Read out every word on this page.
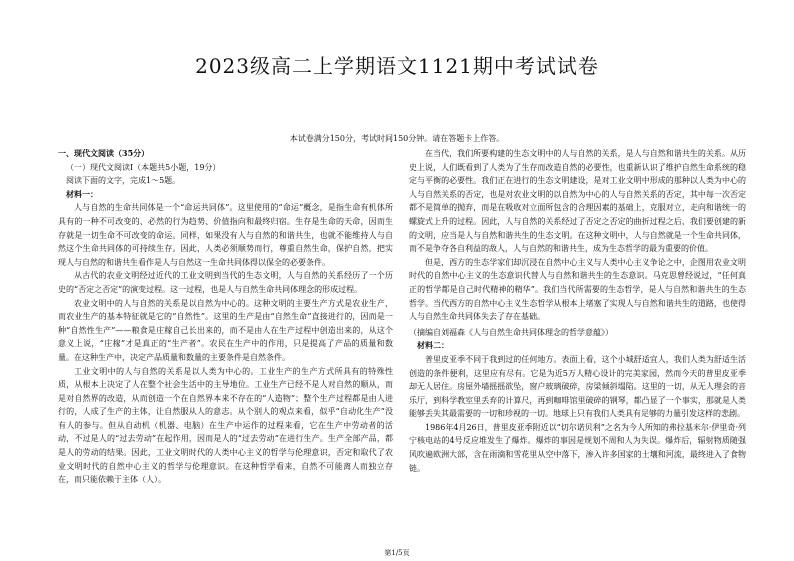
2023级高二上学期语文1121期中考试试卷
本试卷满分150分，考试时间150分钟。请在答题卡上作答。

一、现代文阅读（35分）

（一）现代文阅读Ⅰ（本题共5小题，19分）

阅读下面的文字，完成1～5题。

材料一：

人与自然的生命共同体是一个“命运共同体”。这里使用的“命运”概念，是指生命有机体所具有的一种不可改变的、必然的行为趋势、价值指向和最终归宿。生存是生命的天命，因而生存就是一切生命不可改变的命运。同样，如果没有人与自然的和谐共生，也就不能维持人与自然这个生命共同体的可持续生存。因此，人类必须顺势而行，尊重自然生命，保护自然，把实现人与自然的和谐共生看作是人与自然这一生命共同体得以保全的必要条件。

从古代的农业文明经过近代的工业文明到当代的生态文明，人与自然的关系经历了一个历史的“否定之否定”的演变过程。这一过程，也是人与自然生命共同体理念的形成过程。

农业文明中的人与自然的关系是以自然为中心的。这种文明的主要生产方式是农业生产，而农业生产的基本特征就是它的“自然性”。这里的生产是由“自然生命”直接进行的，因而是一种“自然性生产”——粮食是庄稼自己长出来的，而不是由人在生产过程中创造出来的，从这个意义上说，“庄稼”才是真正的“生产者”。农民在生产中的作用，只是提高了产品的质量和数量。在这种生产中，决定产品质量和数量的主要条件是自然条件。

工业文明中的人与自然的关系是以人类为中心的。工业生产的生产方式所具有的特殊性质，从根本上决定了人在整个社会生活中的主导地位。工业生产已经不是人对自然的顺从，而是对自然界的改造，从而创造一个在自然界本来不存在的“人造物”；整个生产过程都是由人进行的，人成了生产的主体，让自然服从人的意志。从个别人的观点来看，似乎“自动化生产”没有人的参与。但从自动机（机器、电脑）在生产中运作的过程来看，它在生产中劳动者的活动，不过是人的“过去劳动”在起作用，因而是人的“过去劳动”在进行生产。生产全部产品，都是人的劳动的结果。因此，工业文明时代的人类中心主义的哲学与伦理意识，否定和取代了农业文明时代的自然中心主义的哲学与伦理意识。在这种哲学看来，自然不可能离人而独立存在，而只能依赖于主体（人）。

在当代，我们所要构建的生态文明中的人与自然的关系，是人与自然和谐共生的关系。从历史上说，人们既看到了人类为了生存而改造自然的必要性，也重新认识了维护自然生命系统的稳定与平衡的必要性。我们正在进行的生态文明建设，是对工业文明中形成的那种以人类为中心的人与自然关系的否定，也是对农业文明的以自然为中心的人与自然关系的否定，其中每一次否定都不是简单的抛弃，而是在吸收对立面所包含的合理因素的基础上，克服对立，走向和谐统一的螺旋式上升的过程。因此，人与自然的关系经过了否定之否定的曲折过程之后，我们要创建的新的文明，应当是人与自然和谐共生的生态文明。在这种文明中，人与自然就是一个生命共同体，而不是争夺各自利益的敌人，人与自然的和谐共生，成为生态哲学的最为重要的价值。

但是，西方的生态学家们却沉浸在自然中心主义与人类中心主义争论之中，企图用农业文明时代的自然中心主义的生态意识代替人与自然和谐共生的生态意识。马克思曾经说过，“任何真正的哲学都是自己时代精神的精华”。我们当代所需要的生态哲学，是人与自然和谐共生的生态哲学。当代西方的自然中心主义生态哲学从根本上堵塞了实现人与自然和谐共生的道路，也使得人与自然生命共同体失去了存在基础。

（摘编自刘福森《人与自然生命共同体理念的哲学意蕴》）

材料二：

普里皮亚季不同于我到过的任何地方。表面上看，这个小城舒适宜人，我们人类为舒适生活创造的条件便利，这里应有尽有。它是为近5万人精心设计的完美家园，然而今天的普里皮亚季却无人居住。房屋外墙摇摇欲坠，窗户玻璃破碎，房梁倾斜塌陷。这里的一切，从无人理会的音乐厅，到科学教室里丢弃的计算尺，再到咖啡馆里破碎的钢琴，都凸显了一个事实，那就是人类能够丢失其最需要的一切和珍视的一切。地球上只有我们人类具有足够的力量引发这样的悲剧。

1986年4月26日，普里皮亚季附近以“切尔诺贝利”之名为今人所知的弗拉基米尔·伊里奇·列宁核电站的4号反应堆发生了爆炸。爆炸的事因是规划不周和人为失误。爆炸后，辐射物质随强风吹遍欧洲大部，含在雨滴和雪花里从空中落下，渗入许多国家的土壤和河流，最终进入了食物链。

第1/5页
